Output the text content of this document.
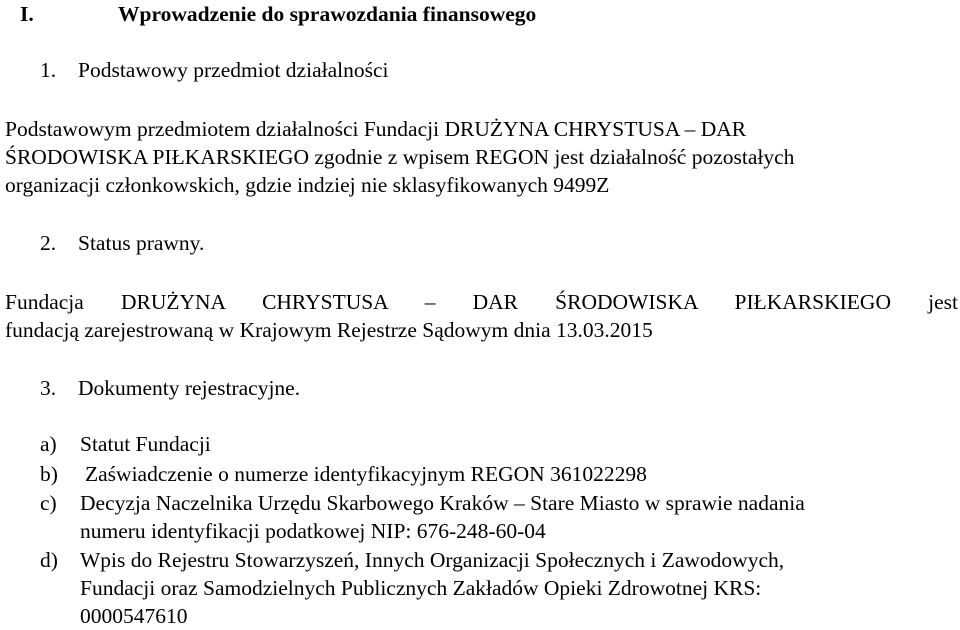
I.	Wprowadzenie do sprawozdania finansowego
1. Podstawowy przedmiot działalności
Podstawowym przedmiotem działalności Fundacji DRUŻYNA CHRYSTUSA – DAR
ŚRODOWISKA PIŁKARSKIEGO zgodnie z wpisem REGON jest działalność pozostałych
organizacji członkowskich, gdzie indziej nie sklasyfikowanych 9499Z
2. Status prawny.
Fundacja DRUŻYNA CHRYSTUSA – DAR ŚRODOWISKA PIŁKARSKIEGO jest
fundacją zarejestrowaną w Krajowym Rejestrze Sądowym dnia 13.03.2015
3. Dokumenty rejestracyjne.
a) Statut Fundacji
b) Zaświadczenie o numerze identyfikacyjnym REGON 361022298
c) Decyzja Naczelnika Urzędu Skarbowego Kraków – Stare Miasto w sprawie nadania
numeru identyfikacji podatkowej NIP: 676-248-60-04
d) Wpis do Rejestru Stowarzyszeń, Innych Organizacji Społecznych i Zawodowych,
Fundacji oraz Samodzielnych Publicznych Zakładów Opieki Zdrowotnej KRS:
0000547610
